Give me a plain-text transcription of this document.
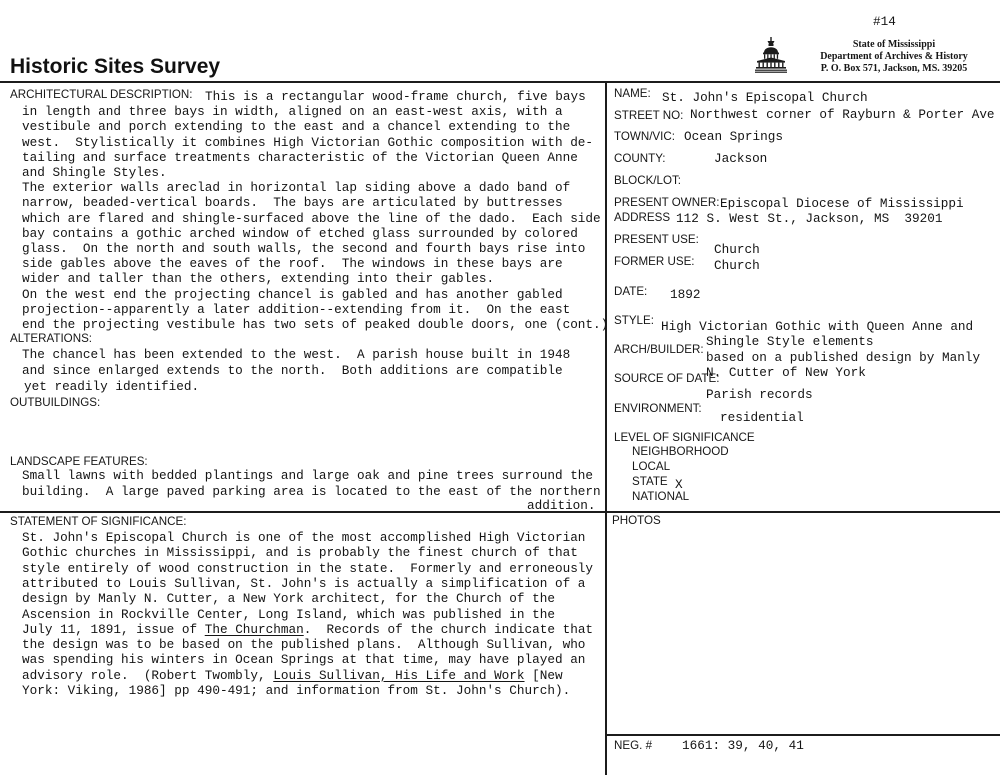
#14
Historic Sites Survey
State of Mississippi
Department of Archives & History
P. O. Box 571, Jackson, MS. 39205
ARCHITECTURAL DESCRIPTION: This is a rectangular wood-frame church, five bays
in length and three bays in width, aligned on an east-west axis, with a
vestibule and porch extending to the east and a chancel extending to the
west.  Stylistically it combines High Victorian Gothic composition with de-
tailing and surface treatments characteristic of the Victorian Queen Anne
and Shingle Styles.
The exterior walls areclad in horizontal lap siding above a dado band of
narrow, beaded-vertical boards.  The bays are articulated by buttresses
which are flared and shingle-surfaced above the line of the dado.  Each side
bay contains a gothic arched window of etched glass surrounded by colored
glass.  On the north and south walls, the second and fourth bays rise into
side gables above the eaves of the roof.  The windows in these bays are
wider and taller than the others, extending into their gables.
On the west end the projecting chancel is gabled and has another gabled
projection--apparently a later addition--extending from it.  On the east
end the projecting vestibule has two sets of peaked double doors, one (cont.)
ALTERATIONS:
The chancel has been extended to the west.  A parish house built in 1948
and since enlarged extends to the north.  Both additions are compatible
yet readily identified.
OUTBUILDINGS:
LANDSCAPE FEATURES:
Small lawns with bedded plantings and large oak and pine trees surround the
building.  A large paved parking area is located to the east of the northern
addition.
STATEMENT OF SIGNIFICANCE:
St. John's Episcopal Church is one of the most accomplished High Victorian
Gothic churches in Mississippi, and is probably the finest church of that
style entirely of wood construction in the state.  Formerly and erroneously
attributed to Louis Sullivan, St. John's is actually a simplification of a
design by Manly N. Cutter, a New York architect, for the Church of the
Ascension in Rockville Center, Long Island, which was published in the
July 11, 1891, issue of The Churchman.  Records of the church indicate that
the design was to be based on the published plans.  Although Sullivan, who
was spending his winters in Ocean Springs at that time, may have played an
advisory role.  (Robert Twombly, Louis Sullivan, His Life and Work [New
York: Viking, 1986] pp 490-491; and information from St. John's Church).
NAME: St. John's Episcopal Church
STREET NO: Northwest corner of Rayburn & Porter Ave
TOWN/VIC: Ocean Springs
COUNTY:	Jackson
BLOCK/LOT:
PRESENT OWNER: Episcopal Diocese of Mississippi
ADDRESS 112 S. West St., Jackson, MS  39201
PRESENT USE:
Church
FORMER USE: Church
DATE: 1892
STYLE: High Victorian Gothic with Queen Anne and
Shingle Style elements
ARCH/BUILDER:
based on a published design by Manly
N. Cutter of New York
SOURCE OF DATE:
Parish records
ENVIRONMENT:
residential
LEVEL OF SIGNIFICANCE
NEIGHBORHOOD
LOCAL
STATE X
NATIONAL
PHOTOS
NEG. # 1661: 39, 40, 41
